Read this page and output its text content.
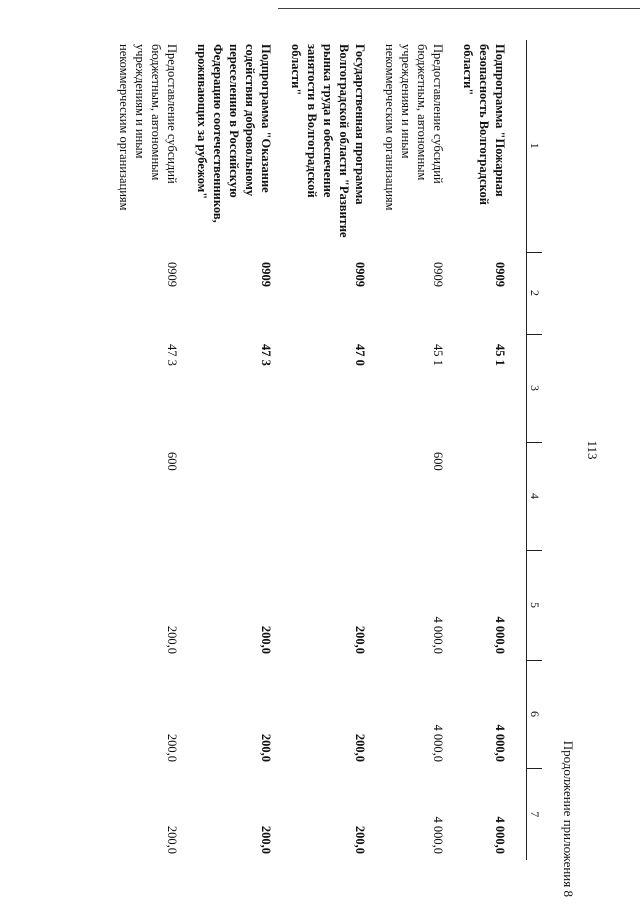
113
Продолжение приложения 8
1	2	3	4	5	6	7
Подпрограмма "Пожарная безопасность Волгоградской области"	0909	45 1		4 000,0	4 000,0	4 000,0
Предоставление субсидий бюджетным, автономным учреждениям и иным некоммерческим организациям	0909	45 1	600	4 000,0	4 000,0	4 000,0
Государственная программа Волгоградской области "Развитие рынка труда и обеспечение занятости в Волгоградской области"	0909	47 0		200,0	200,0	200,0
Подпрограмма "Оказание содействия добровольному переселению в Российскую Федерацию соотечественников, проживающих за рубежом"	0909	47 3		200,0	200,0	200,0
Предоставление субсидий бюджетным, автономным учреждениям и иным некоммерческим организациям	0909	47 3	600	200,0	200,0	200,0
